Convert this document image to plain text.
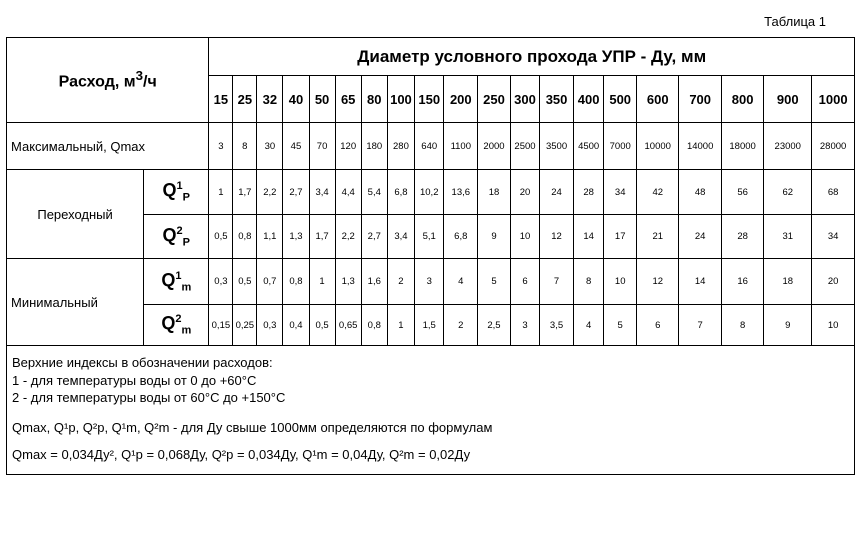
Таблица 1
Расход, $м^3/ч$		Диаметр условного прохода УПР - Ду, мм																			
		15	25	32	40	50	65	80	100	150	200	250	300	350	400	500	600	700	800	900	1000
Максимальный, Qmax		3	8	30	45	70	120	180	280	640	1100	2000	2500	3500	4500	7000	10000	14000	18000	23000	28000
Переходный	$Q^1_P$	1	1,7	2,2	2,7	3,4	4,4	5,4	6,8	10,2	13,6	18	20	24	28	34	42	48	56	62	68
	$Q^2_P$	0,5	0,8	1,1	1,3	1,7	2,2	2,7	3,4	5,1	6,8	9	10	12	14	17	21	24	28	31	34
Минимальный	$Q^1_m$	0,3	0,5	0,7	0,8	1	1,3	1,6	2	3	4	5	6	7	8	10	12	14	16	18	20
	$Q^2_m$	0,15	0,25	0,3	0,4	0,5	0,65	0,8	1	1,5	2	2,5	3	3,5	4	5	6	7	8	9	10

Верхние индексы в обозначении расходов:
1 - для температуры воды от 0 до +60°C
2 - для температуры воды от 60°C до +150°C
Qmax, Q¹p, Q²p, Q¹m, Q²m - для Ду свыше 1000мм определяются по формулам
Qmax = 0,034Ду², Q¹p = 0,068Ду, Q²p = 0,034Ду, Q¹m = 0,04Ду, Q²m = 0,02Ду																					
